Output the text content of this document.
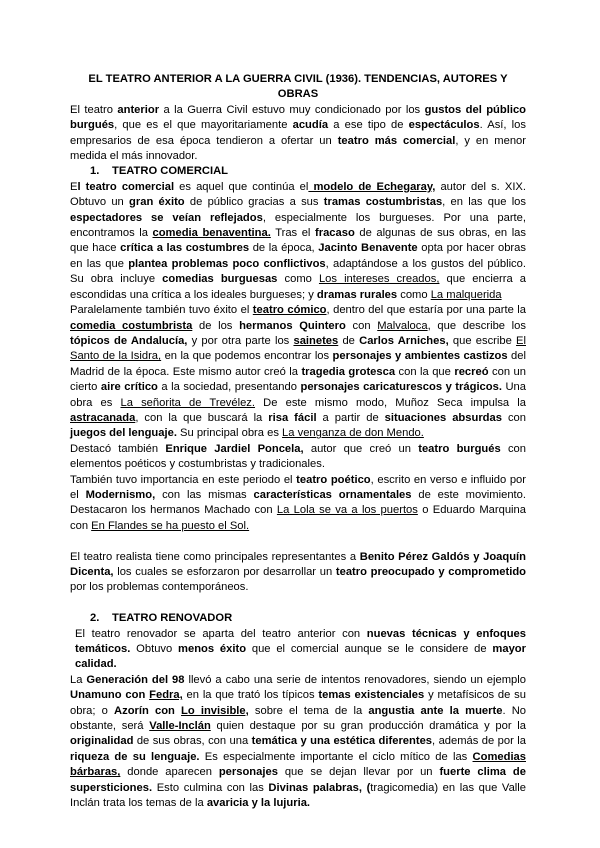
EL TEATRO ANTERIOR A LA GUERRA CIVIL (1936). TENDENCIAS, AUTORES Y OBRAS

El teatro anterior a la Guerra Civil estuvo muy condicionado por los gustos del público burgués, que es el que mayoritariamente acudía a ese tipo de espectáculos. Así, los empresarios de esa época tendieron a ofertar un teatro más comercial, y en menor medida el más innovador.

1. TEATRO COMERCIAL

El teatro comercial es aquel que continúa el modelo de Echegaray, autor del s. XIX. Obtuvo un gran éxito de público gracias a sus tramas costumbristas, en las que los espectadores se veían reflejados, especialmente los burgueses. Por una parte, encontramos la comedia benaventina. Tras el fracaso de algunas de sus obras, en las que hace crítica a las costumbres de la época, Jacinto Benavente opta por hacer obras en las que plantea problemas poco conflictivos, adaptándose a los gustos del público. Su obra incluye comedias burguesas como Los intereses creados, que encierra a escondidas una crítica a los ideales burgueses; y dramas rurales como La malquerida

Paralelamente también tuvo éxito el teatro cómico, dentro del que estaría por una parte la comedia costumbrista de los hermanos Quintero con Malvaloca, que describe los tópicos de Andalucía, y por otra parte los sainetes de Carlos Arniches, que escribe El Santo de la Isidra, en la que podemos encontrar los personajes y ambientes castizos del Madrid de la época. Este mismo autor creó la tragedia grotesca con la que recreó con un cierto aire crítico a la sociedad, presentando personajes caricaturescos y trágicos. Una obra es La señorita de Trevélez. De este mismo modo, Muñoz Seca impulsa la astracanada, con la que buscará la risa fácil a partir de situaciones absurdas con juegos del lenguaje. Su principal obra es La venganza de don Mendo.

Destacó también Enrique Jardiel Poncela, autor que creó un teatro burgués con elementos poéticos y costumbristas y tradicionales.

También tuvo importancia en este periodo el teatro poético, escrito en verso e influido por el Modernismo, con las mismas características ornamentales de este movimiento. Destacaron los hermanos Machado con La Lola se va a los puertos o Eduardo Marquina con En Flandes se ha puesto el Sol.

El teatro realista tiene como principales representantes a Benito Pérez Galdós y Joaquín Dicenta, los cuales se esforzaron por desarrollar un teatro preocupado y comprometido por los problemas contemporáneos.

2. TEATRO RENOVADOR

El teatro renovador se aparta del teatro anterior con nuevas técnicas y enfoques temáticos. Obtuvo menos éxito que el comercial aunque se le considere de mayor calidad.

La Generación del 98 llevó a cabo una serie de intentos renovadores, siendo un ejemplo Unamuno con Fedra, en la que trató los típicos temas existenciales y metafísicos de su obra; o Azorín con Lo invisible, sobre el tema de la angustia ante la muerte. No obstante, será Valle-Inclán quien destaque por su gran producción dramática y por la originalidad de sus obras, con una temática y una estética diferentes, además de por la riqueza de su lenguaje. Es especialmente importante el ciclo mítico de las Comedias bárbaras, donde aparecen personajes que se dejan llevar por un fuerte clima de supersticiones. Esto culmina con las Divinas palabras, (tragicomedia) en las que Valle Inclán trata los temas de la avaricia y la lujuria.
